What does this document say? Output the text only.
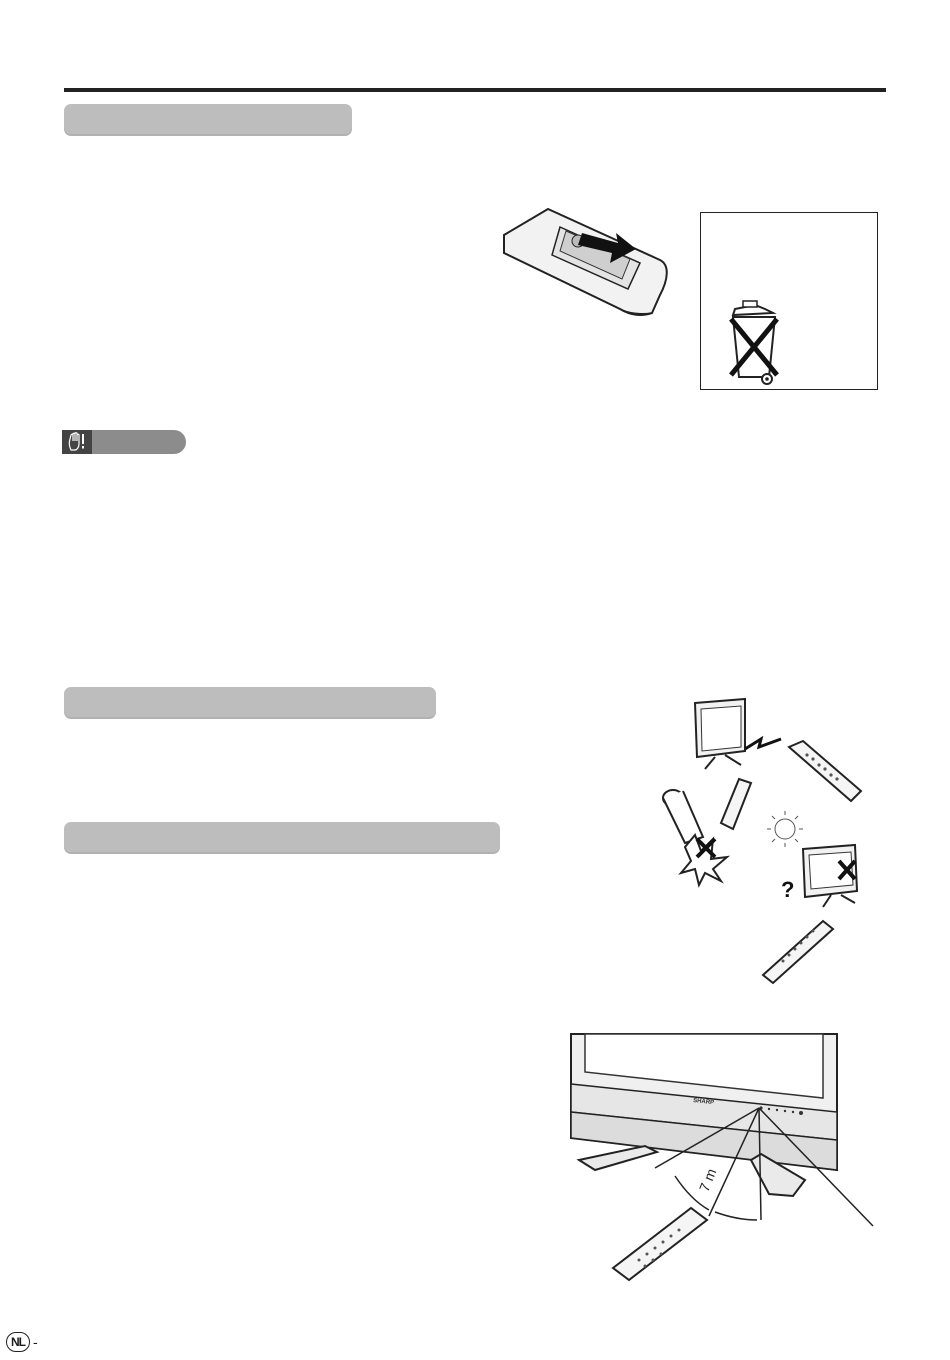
?
SHARP
7 m
NL -
